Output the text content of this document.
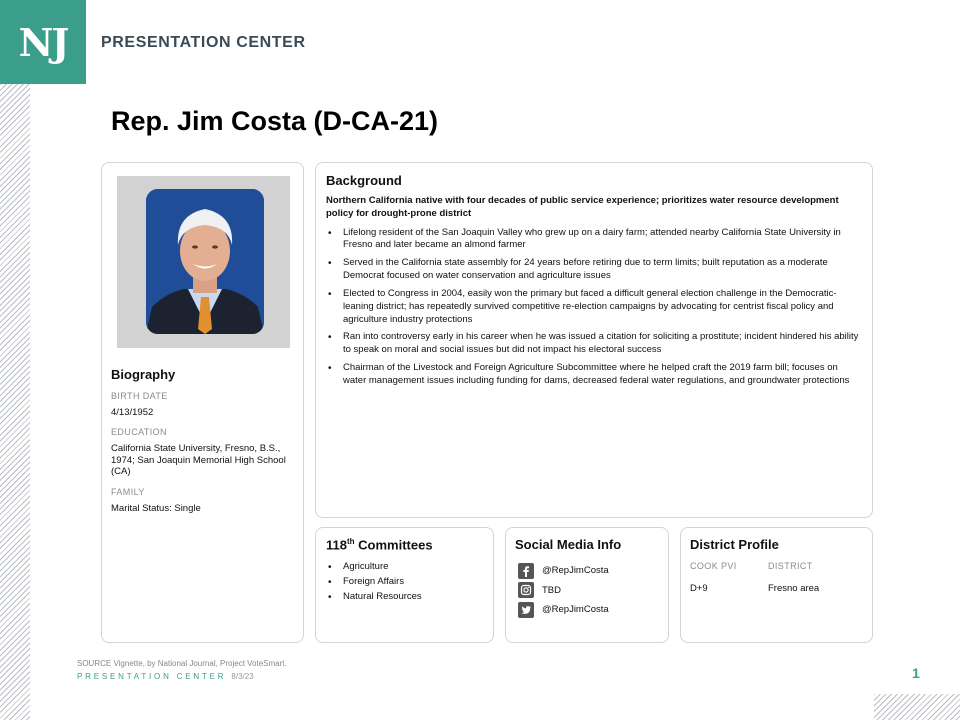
NJ PRESENTATION CENTER
Rep. Jim Costa (D-CA-21)
Biography
BIRTH DATE
4/13/1952
EDUCATION
California State University, Fresno, B.S., 1974; San Joaquin Memorial High School (CA)
FAMILY
Marital Status: Single
Background
Northern California native with four decades of public service experience; prioritizes water resource development policy for drought-prone district
• Lifelong resident of the San Joaquin Valley who grew up on a dairy farm; attended nearby California State University in Fresno and later became an almond farmer
• Served in the California state assembly for 24 years before retiring due to term limits; built reputation as a moderate Democrat focused on water conservation and agriculture issues
• Elected to Congress in 2004, easily won the primary but faced a difficult general election challenge in the Democratic-leaning district; has repeatedly survived competitive re-election campaigns by advocating for centrist fiscal policy and agriculture industry protections
• Ran into controversy early in his career when he was issued a citation for soliciting a prostitute; incident hindered his ability to speak on moral and social issues but did not impact his electoral success
• Chairman of the Livestock and Foreign Agriculture Subcommittee where he helped craft the 2019 farm bill; focuses on water management issues including funding for dams, decreased federal water regulations, and groundwater protections
118th Committees
• Agriculture
• Foreign Affairs
• Natural Resources
Social Media Info
@RepJimCosta
TBD
@RepJimCosta
District Profile
COOK PVI	DISTRICT
D+9	Fresno area
SOURCE Vignette, by National Journal, Project VoteSmart.
PRESENTATION CENTER 8/3/23	1
